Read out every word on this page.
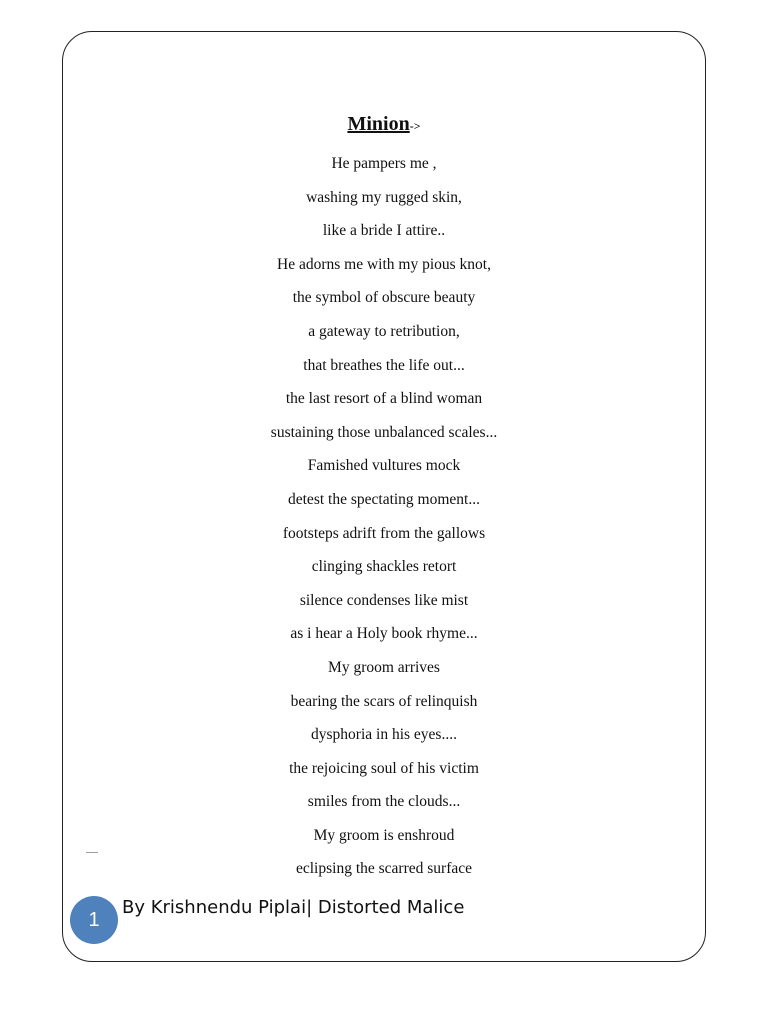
Minion->
He pampers me ,
washing my rugged skin,
like a bride I attire..
He adorns me with my pious knot,
the symbol of obscure beauty
a gateway to retribution,
that breathes the life out...
the last resort of a blind woman
sustaining those unbalanced scales...
Famished vultures mock
detest the spectating moment...
footsteps adrift from the gallows
clinging shackles retort
silence condenses like mist
as i hear a Holy book rhyme...
My groom arrives
bearing the scars of relinquish
dysphoria in his eyes....
the rejoicing soul of his victim
smiles from the clouds...
My groom is enshroud
eclipsing the scarred surface
1
By Krishnendu Piplai| Distorted Malice
